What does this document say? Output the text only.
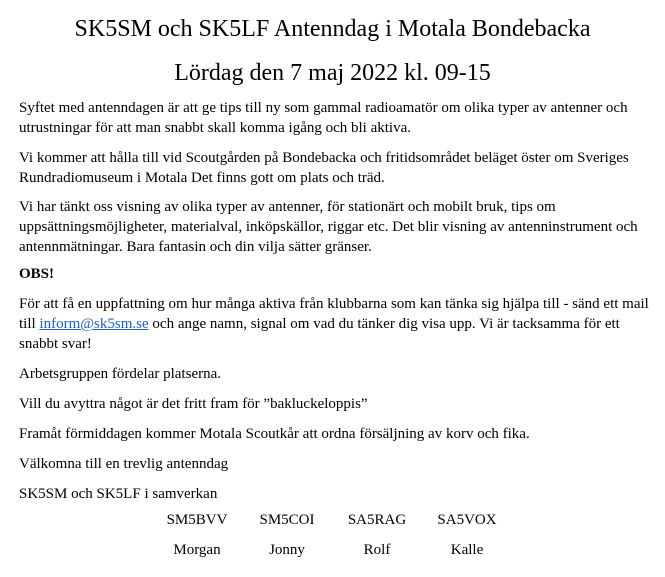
SK5SM och SK5LF Antenndag i Motala Bondebacka
Lördag den 7 maj 2022 kl. 09-15
Syftet med antenndagen är att ge tips till ny som gammal radioamatör om olika typer av antenner och utrustningar för att man snabbt skall komma igång och bli aktiva.
Vi kommer att hålla till vid Scoutgården på Bondebacka och fritidsområdet beläget öster om Sveriges Rundradiomuseum i Motala Det finns gott om plats och träd.
Vi har tänkt oss visning av olika typer av antenner, för stationärt och mobilt bruk, tips om uppsättningsmöjligheter, materialval, inköpskällor, riggar etc. Det blir visning av antenninstrument och antennmätningar. Bara fantasin och din vilja sätter gränser.
OBS!
För att få en uppfattning om hur många aktiva från klubbarna som kan tänka sig hjälpa till - sänd ett mail till inform@sk5sm.se och ange namn, signal om vad du tänker dig visa upp. Vi är tacksamma för ett snabbt svar!
Arbetsgruppen fördelar platserna.
Vill du avyttra något är det fritt fram för ”bakluckeloppis”
Framåt förmiddagen kommer Motala Scoutkår att ordna försäljning av korv och fika.
Välkomna till en trevlig antenndag
SK5SM och SK5LF i samverkan
SM5BVV	SM5COI	SA5RAG	SA5VOX
Morgan	Jonny	Rolf	Kalle
